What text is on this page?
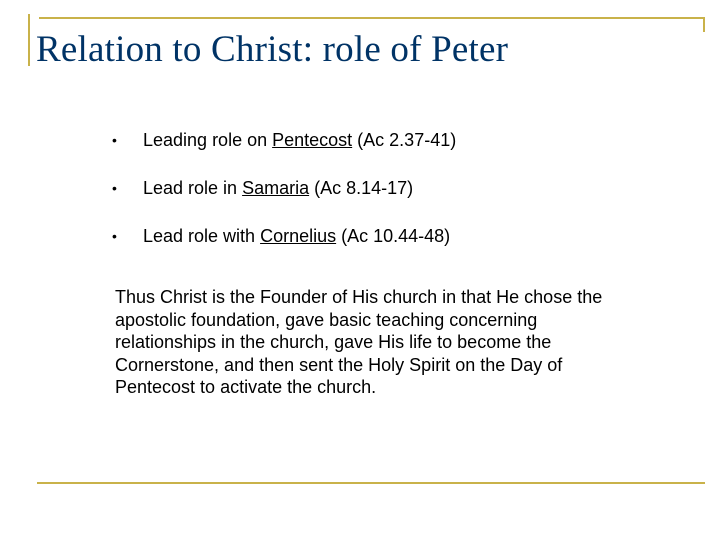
Relation to Christ: role of Peter
• Leading role on Pentecost (Ac 2.37-41)
• Lead role in Samaria (Ac 8.14-17)
• Lead role with Cornelius (Ac 10.44-48)

Thus Christ is the Founder of His church in that He chose the apostolic foundation, gave basic teaching concerning relationships in the church, gave His life to become the Cornerstone, and then sent the Holy Spirit on the Day of Pentecost to activate the church.
